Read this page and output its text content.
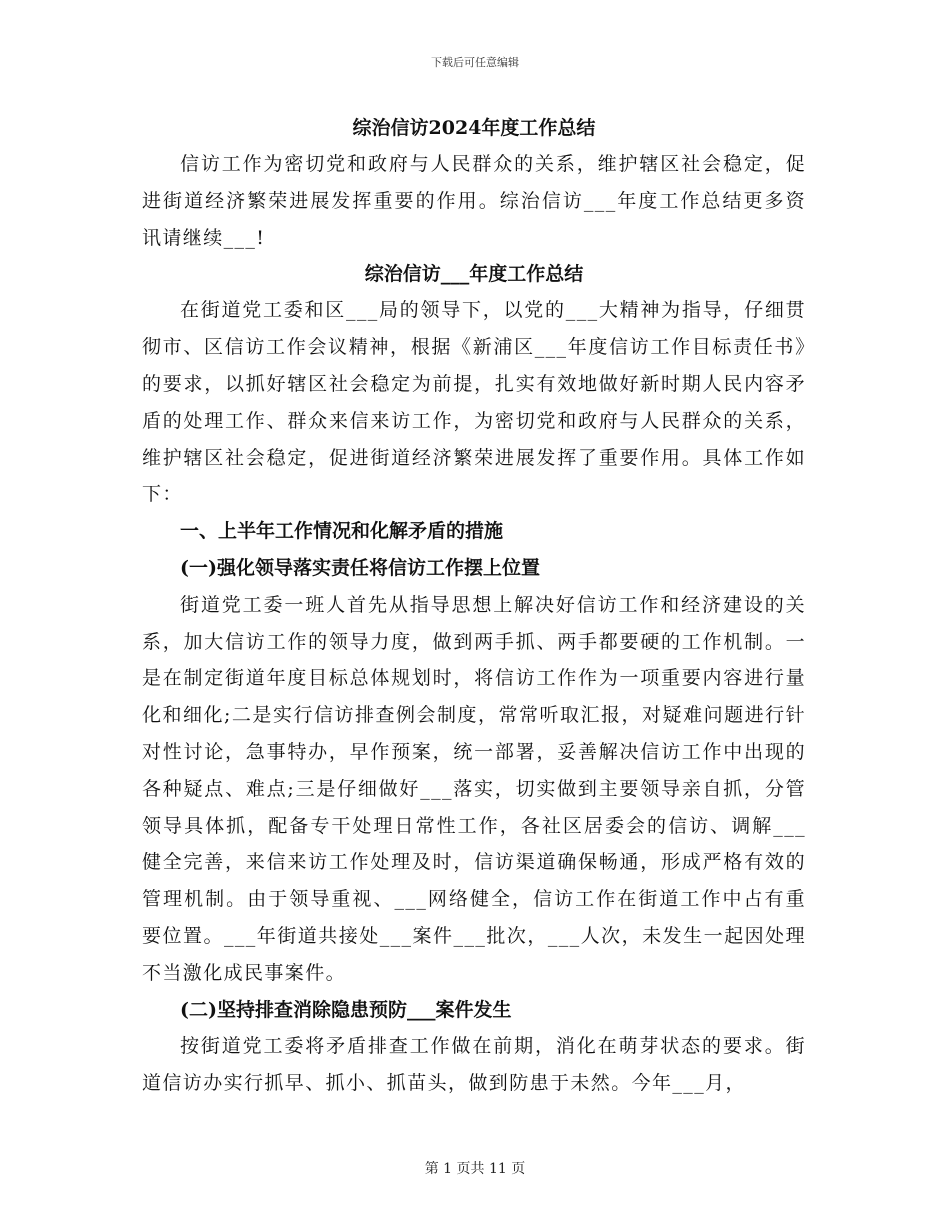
下载后可任意编辑
综治信访2024年度工作总结

信访工作为密切党和政府与人民群众的关系，维护辖区社会稳定，促进街道经济繁荣进展发挥重要的作用。综治信访___年度工作总结更多资讯请继续___!

综治信访___年度工作总结

在街道党工委和区___局的领导下，以党的___大精神为指导，仔细贯彻市、区信访工作会议精神，根据《新浦区___年度信访工作目标责任书》的要求，以抓好辖区社会稳定为前提，扎实有效地做好新时期人民内容矛盾的处理工作、群众来信来访工作，为密切党和政府与人民群众的关系，维护辖区社会稳定，促进街道经济繁荣进展发挥了重要作用。具体工作如下：

一、上半年工作情况和化解矛盾的措施
(一)强化领导落实责任将信访工作摆上位置

街道党工委一班人首先从指导思想上解决好信访工作和经济建设的关系，加大信访工作的领导力度，做到两手抓、两手都要硬的工作机制。一是在制定街道年度目标总体规划时，将信访工作作为一项重要内容进行量化和细化;二是实行信访排查例会制度，常常听取汇报，对疑难问题进行针对性讨论，急事特办，早作预案，统一部署，妥善解决信访工作中出现的各种疑点、难点;三是仔细做好___落实，切实做到主要领导亲自抓，分管领导具体抓，配备专干处理日常性工作，各社区居委会的信访、调解___健全完善，来信来访工作处理及时，信访渠道确保畅通，形成严格有效的管理机制。由于领导重视、___网络健全，信访工作在街道工作中占有重要位置。___年街道共接处___案件___批次，___人次，未发生一起因处理不当激化成民事案件。

(二)坚持排查消除隐患预防___案件发生

按街道党工委将矛盾排查工作做在前期，消化在萌芽状态的要求。街道信访办实行抓早、抓小、抓苗头，做到防患于未然。今年___月，

第 1 页共 11 页
